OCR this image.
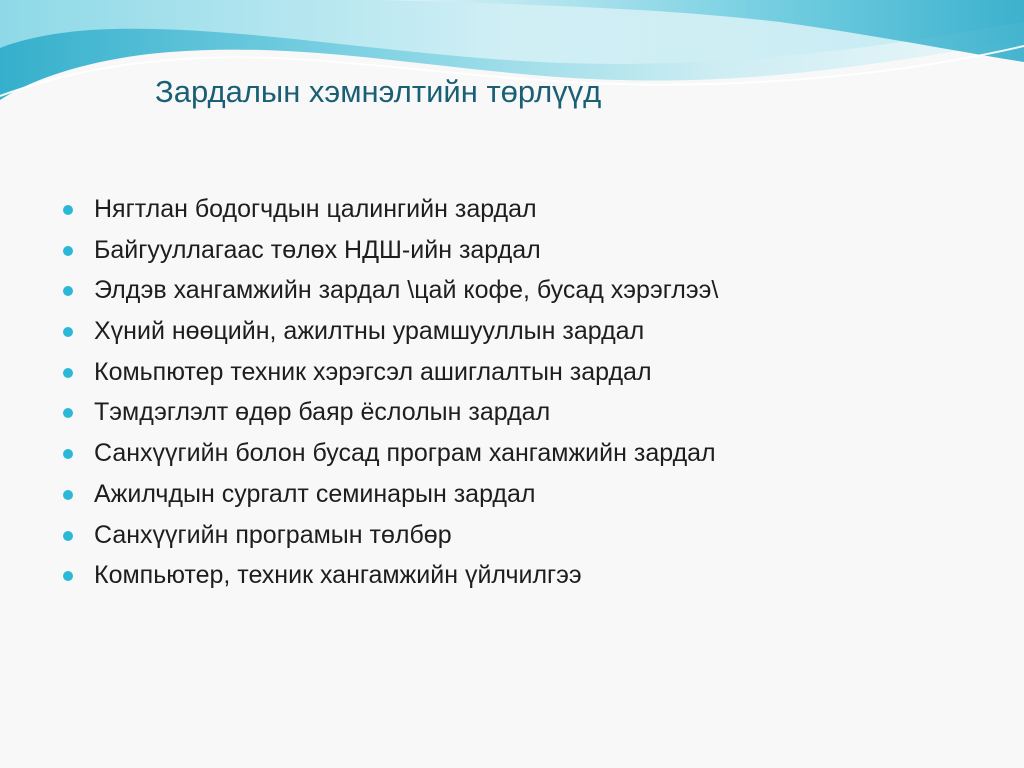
Зардалын хэмнэлтийн төрлүүд
Нягтлан бодогчдын цалингийн зардал
Байгууллагаас төлөх НДШ-ийн зардал
Элдэв хангамжийн зардал \цай кофе, бусад хэрэглээ\
Хүний нөөцийн, ажилтны урамшууллын зардал
Комьпютер техник хэрэгсэл ашиглалтын зардал
Тэмдэглэлт өдөр баяр ёслолын зардал
Санхүүгийн болон бусад програм хангамжийн зардал
Ажилчдын сургалт семинарын зардал
Санхүүгийн програмын төлбөр
Компьютер, техник хангамжийн үйлчилгээ
